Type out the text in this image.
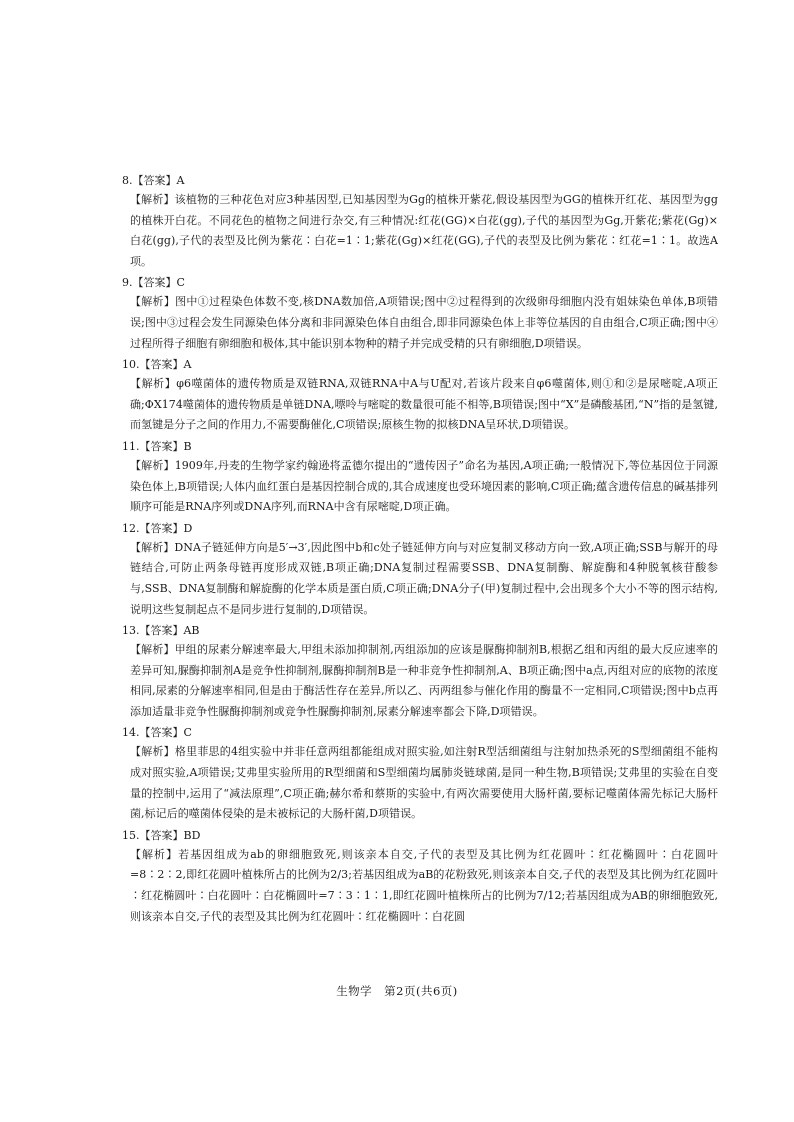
8.【答案】A

【解析】该植物的三种花色对应3种基因型,已知基因型为Gg的植株开紫花,假设基因型为GG的植株开红花、基因型为gg的植株开白花。不同花色的植物之间进行杂交,有三种情况:红花(GG)×白花(gg),子代的基因型为Gg,开紫花;紫花(Gg)×白花(gg),子代的表型及比例为紫花∶白花=1∶1;紫花(Gg)×红花(GG),子代的表型及比例为紫花∶红花=1∶1。故选A项。

9.【答案】C

【解析】图中①过程染色体数不变,核DNA数加倍,A项错误;图中②过程得到的次级卵母细胞内没有姐妹染色单体,B项错误;图中③过程会发生同源染色体分离和非同源染色体自由组合,即非同源染色体上非等位基因的自由组合,C项正确;图中④过程所得子细胞有卵细胞和极体,其中能识别本物种的精子并完成受精的只有卵细胞,D项错误。

10.【答案】A

【解析】φ6噬菌体的遗传物质是双链RNA,双链RNA中A与U配对,若该片段来自φ6噬菌体,则①和②是尿嘧啶,A项正确;ΦX174噬菌体的遗传物质是单链DNA,嘌呤与嘧啶的数量很可能不相等,B项错误;图中“X”是磷酸基团,“N”指的是氢键,而氢键是分子之间的作用力,不需要酶催化,C项错误;原核生物的拟核DNA呈环状,D项错误。

11.【答案】B

【解析】1909年,丹麦的生物学家约翰逊将孟德尔提出的“遗传因子”命名为基因,A项正确;一般情况下,等位基因位于同源染色体上,B项错误;人体内血红蛋白是基因控制合成的,其合成速度也受环境因素的影响,C项正确;蕴含遗传信息的碱基排列顺序可能是RNA序列或DNA序列,而RNA中含有尿嘧啶,D项正确。

12.【答案】D

【解析】DNA子链延伸方向是5′→3′,因此图中b和c处子链延伸方向与对应复制叉移动方向一致,A项正确;SSB与解开的母链结合,可防止两条母链再度形成双链,B项正确;DNA复制过程需要SSB、DNA复制酶、解旋酶和4种脱氧核苷酸参与,SSB、DNA复制酶和解旋酶的化学本质是蛋白质,C项正确;DNA分子(甲)复制过程中,会出现多个大小不等的图示结构,说明这些复制起点不是同步进行复制的,D项错误。

13.【答案】AB

【解析】甲组的尿素分解速率最大,甲组未添加抑制剂,丙组添加的应该是脲酶抑制剂B,根据乙组和丙组的最大反应速率的差异可知,脲酶抑制剂A是竞争性抑制剂,脲酶抑制剂B是一种非竞争性抑制剂,A、B项正确;图中a点,丙组对应的底物的浓度相同,尿素的分解速率相同,但是由于酶活性存在差异,所以乙、丙两组参与催化作用的酶量不一定相同,C项错误;图中b点再添加适量非竞争性脲酶抑制剂或竞争性脲酶抑制剂,尿素分解速率都会下降,D项错误。

14.【答案】C

【解析】格里菲思的4组实验中并非任意两组都能组成对照实验,如注射R型活细菌组与注射加热杀死的S型细菌组不能构成对照实验,A项错误;艾弗里实验所用的R型细菌和S型细菌均属肺炎链球菌,是同一种生物,B项错误;艾弗里的实验在自变量的控制中,运用了“减法原理”,C项正确;赫尔希和蔡斯的实验中,有两次需要使用大肠杆菌,要标记噬菌体需先标记大肠杆菌,标记后的噬菌体侵染的是未被标记的大肠杆菌,D项错误。

15.【答案】BD

【解析】若基因组成为ab的卵细胞致死,则该亲本自交,子代的表型及其比例为红花圆叶∶红花椭圆叶∶白花圆叶=8∶2∶2,即红花圆叶植株所占的比例为2/3;若基因组成为aB的花粉致死,则该亲本自交,子代的表型及其比例为红花圆叶∶红花椭圆叶∶白花圆叶∶白花椭圆叶=7∶3∶1∶1,即红花圆叶植株所占的比例为7/12;若基因组成为AB的卵细胞致死,则该亲本自交,子代的表型及其比例为红花圆叶∶红花椭圆叶∶白花圆

生物学　第2页(共6页)
